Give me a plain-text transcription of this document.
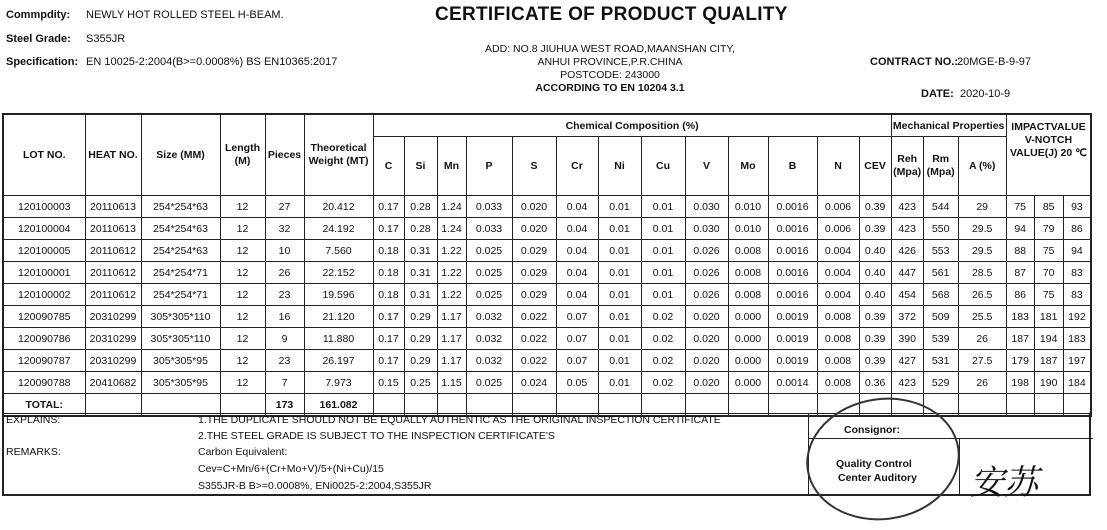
Commpdity: NEWLY HOT ROLLED STEEL H-BEAM.
Steel Grade: S355JR
Specification: EN 10025-2:2004(B>=0.0008%) BS EN10365:2017
CERTIFICATE OF PRODUCT QUALITY
ADD: NO.8 JIUHUA WEST ROAD,MAANSHAN CITY,
ANHUI PROVINCE,P.R.CHINA
POSTCODE: 243000
ACCORDING TO EN 10204 3.1
CONTRACT NO.: 20MGE-B-9-97
DATE: 2020-10-9
LOT NO.	HEAT NO.	Size (MM)	Length (M)	Pieces	Theoretical Weight (MT)	Chemical Composition (%)													Mechanical Properties			IMPACTVALUE V-NOTCH VALUE(J) 20 ℃		
						C	Si	Mn	P	S	Cr	Ni	Cu	V	Mo	B	N	CEV	Reh (Mpa)	Rm (Mpa)	A (%)			
120100003	20110613	254*254*63	12	27	20.412	0.17	0.28	1.24	0.033	0.020	0.04	0.01	0.01	0.030	0.010	0.0016	0.006	0.39	423	544	29	75	85	93
120100004	20110613	254*254*63	12	32	24.192	0.17	0.28	1.24	0.033	0.020	0.04	0.01	0.01	0.030	0.010	0.0016	0.006	0.39	423	550	29.5	94	79	86
120100005	20110612	254*254*63	12	10	7.560	0.18	0.31	1.22	0.025	0.029	0.04	0.01	0.01	0.026	0.008	0.0016	0.004	0.40	426	553	29.5	88	75	94
120100001	20110612	254*254*71	12	26	22.152	0.18	0.31	1.22	0.025	0.029	0.04	0.01	0.01	0.026	0.008	0.0016	0.004	0.40	447	561	28.5	87	70	83
120100002	20110612	254*254*71	12	23	19.596	0.18	0.31	1.22	0.025	0.029	0.04	0.01	0.01	0.026	0.008	0.0016	0.004	0.40	454	568	26.5	86	75	83
120090785	20310299	305*305*110	12	16	21.120	0.17	0.29	1.17	0.032	0.022	0.07	0.01	0.02	0.020	0.000	0.0019	0.008	0.39	372	509	25.5	183	181	192
120090786	20310299	305*305*110	12	9	11.880	0.17	0.29	1.17	0.032	0.022	0.07	0.01	0.02	0.020	0.000	0.0019	0.008	0.39	390	539	26	187	194	183
120090787	20310299	305*305*95	12	23	26.197	0.17	0.29	1.17	0.032	0.022	0.07	0.01	0.02	0.020	0.000	0.0019	0.008	0.39	427	531	27.5	179	187	197
120090788	20410682	305*305*95	12	7	7.973	0.15	0.25	1.15	0.025	0.024	0.05	0.01	0.02	0.020	0.000	0.0014	0.008	0.36	423	529	26	198	190	184
TOTAL:				173	161.082																			
EXPLAINS:	1.THE DUPLICATE SHOULD NOT BE EQUALLY AUTHENTIC AS THE ORIGINAL INSPECTION CERTIFICATE
2.THE STEEL GRADE IS SUBJECT TO THE INSPECTION CERTIFICATE'S
REMARKS:	Carbon Equivalent:
Cev=C+Mn/6+(Cr+Mo+V)/5+(Ni+Cu)/15
S355JR-B B>=0.0008%, ENi0025-2:2004,S355JR
Consignor:
Quality Control
Center Auditory 安苏
